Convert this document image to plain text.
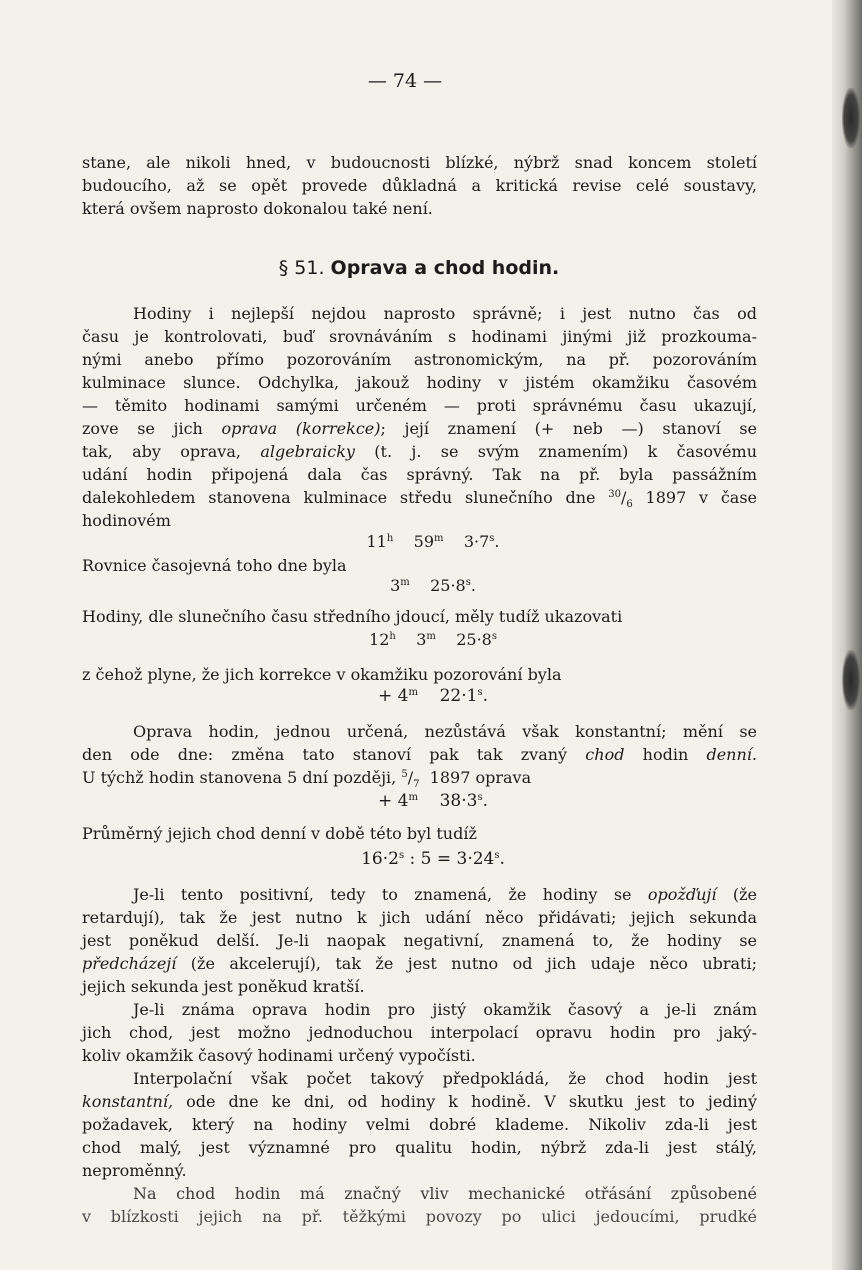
— 74 —
stane, ale nikoli hned, v budoucnosti blízké, nýbrž snad koncem století
budoucího, až se opět provede důkladná a kritická revise celé soustavy,
která ovšem naprosto dokonalou také není.
§ 51. Oprava a chod hodin.
Hodiny i nejlepší nejdou naprosto správně; i jest nutno čas od
času je kontrolovati, buď srovnáváním s hodinami jinými již prozkouma-
nými anebo přímo pozorováním astronomickým, na př. pozorováním
kulminace slunce. Odchylka, jakouž hodiny v jistém okamžiku časovém
— těmito hodinami samými určeném — proti správnému času ukazují,
zove se jich oprava (korrekce); její znamení (+ neb —) stanoví se
tak, aby oprava, algebraicky (t. j. se svým znamením) k časovému
udání hodin připojená dala čas správný. Tak na př. byla passážním
dalekohledem stanovena kulminace středu slunečního dne $^{30}/_6$ 1897 v čase
hodinovém
11$^h$ 59$^m$ $3\cdot 7^s$.
Rovnice časojevná toho dne byla
3$^m$ $25\cdot 8^s$.
Hodiny, dle slunečního času středního jdoucí, měly tudíž ukazovati
12$^h$ 3$^m$ $25\cdot 8^s$
z čehož plyne, že jich korrekce v okamžiku pozorování byla
+ $4^m$ $22\cdot 1^s$.
Oprava hodin, jednou určená, nezůstává však konstantní; mění se
den ode dne: změna tato stanoví pak tak zvaný chod hodin denní.
U týchž hodin stanovena 5 dní později, $^5/_7$ 1897 oprava
+ $4^m$ $38\cdot 3^s$.
Průměrný jejich chod denní v době této byl tudíž
$16\cdot 2^s$ : $5 = 3\cdot 24^s$.
Je-li tento positivní, tedy to znamená, že hodiny se opožďují (že
retardují), tak že jest nutno k jich udání něco přidávati; jejich sekunda
jest poněkud delší. Je-li naopak negativní, znamená to, že hodiny se
předcházejí (že akcelerují), tak že jest nutno od jich udaje něco ubrati;
jejich sekunda jest poněkud kratší.
Je-li známa oprava hodin pro jistý okamžik časový a je-li znám
jich chod, jest možno jednoduchou interpolací opravu hodin pro jaký-
koliv okamžik časový hodinami určený vypočísti.
Interpolační však počet takový předpokládá, že chod hodin jest
konstantní, ode dne ke dni, od hodiny k hodině. V skutku jest to jediný
požadavek, který na hodiny velmi dobré klademe. Nikoliv zda-li jest
chod malý, jest významné pro qualitu hodin, nýbrž zda-li jest stálý,
neproměnný.
Na chod hodin má značný vliv mechanické otřásání způsobené
v blízkosti jejich na př. těžkými povozy po ulici jedoucími, prudké
